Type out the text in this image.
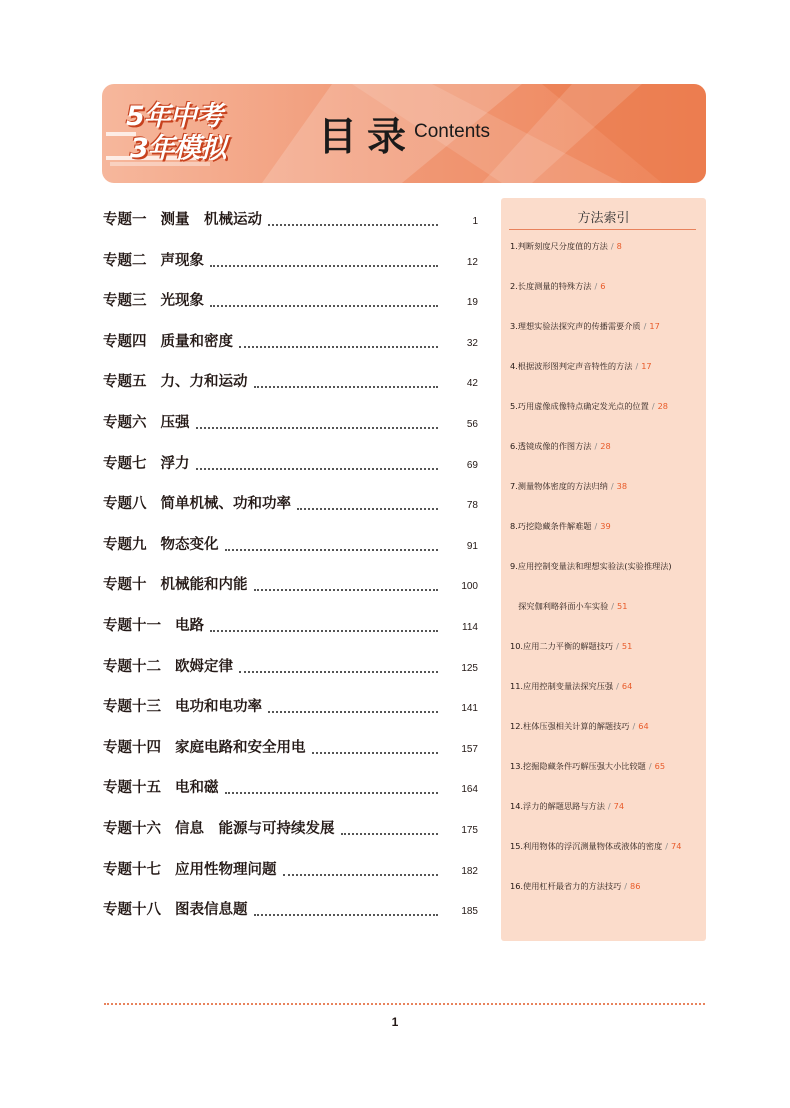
5年中考
3年模拟 目录
Contents
专题一 测量　机械运动	1
专题二 声现象	12
专题三 光现象	19
专题四 质量和密度	32
专题五 力、力和运动	42
专题六 压强	56
专题七 浮力	69
专题八 简单机械、功和功率	78
专题九 物态变化	91
专题十 机械能和内能	100
专题十一 电路	114
专题十二 欧姆定律	125
专题十三 电功和电功率	141
专题十四 家庭电路和安全用电	157
专题十五 电和磁	164
专题十六 信息　能源与可持续发展	175
专题十七 应用性物理问题	182
专题十八 图表信息题	185
方法索引
1.判断刻度尺分度值的方法 / 8
2.长度测量的特殊方法 / 6
3.理想实验法探究声的传播需要介质 / 17
4.根据波形图判定声音特性的方法 / 17
5.巧用虚像成像特点确定发光点的位置 / 28
6.透镜成像的作图方法 / 28
7.测量物体密度的方法归纳 / 38
8.巧挖隐藏条件解难题 / 39
9.应用控制变量法和理想实验法(实验推理法)
　探究伽利略斜面小车实验 / 51
10.应用二力平衡的解题技巧 / 51
11.应用控制变量法探究压强 / 64
12.柱体压强相关计算的解题技巧 / 64
13.挖掘隐藏条件巧解压强大小比较题 / 65
14.浮力的解题思路与方法 / 74
15.利用物体的浮沉测量物体或液体的密度 / 74
16.使用杠杆最省力的方法技巧 / 86
1
